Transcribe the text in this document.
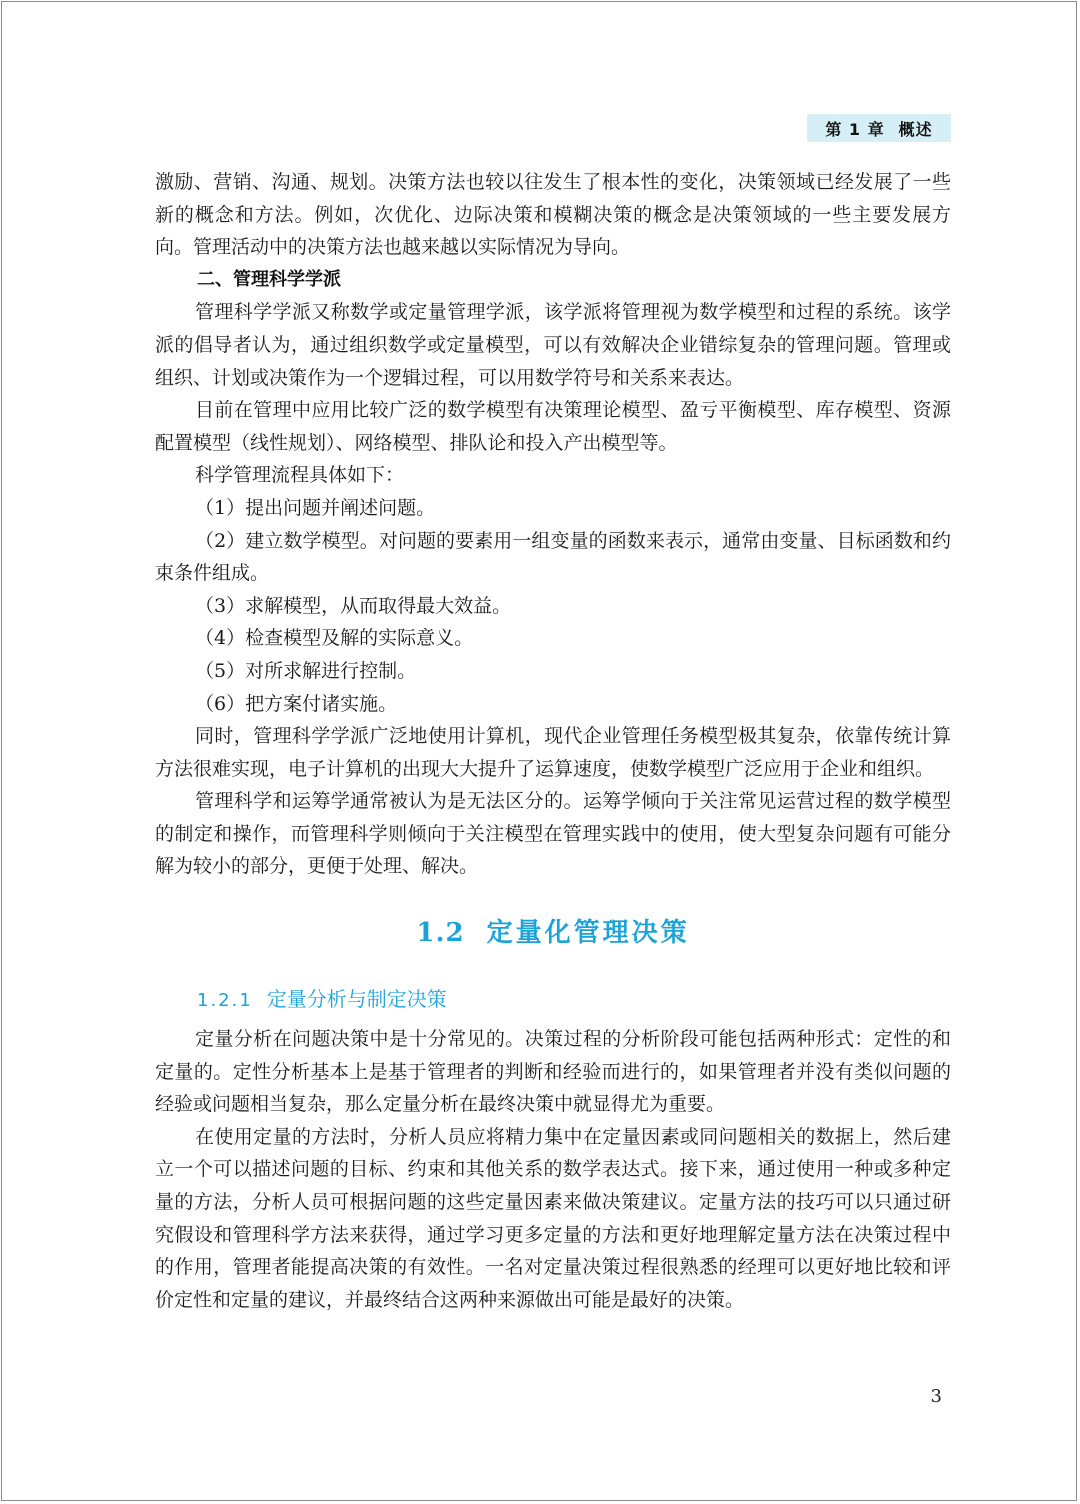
第 1 章 概述

激励、营销、沟通、规划。决策方法也较以往发生了根本性的变化，决策领域已经发展了一些新的概念和方法。例如，次优化、边际决策和模糊决策的概念是决策领域的一些主要发展方向。管理活动中的决策方法也越来越以实际情况为导向。

二、管理科学学派

管理科学学派又称数学或定量管理学派，该学派将管理视为数学模型和过程的系统。该学派的倡导者认为，通过组织数学或定量模型，可以有效解决企业错综复杂的管理问题。管理或组织、计划或决策作为一个逻辑过程，可以用数学符号和关系来表达。

目前在管理中应用比较广泛的数学模型有决策理论模型、盈亏平衡模型、库存模型、资源配置模型（线性规划）、网络模型、排队论和投入产出模型等。

科学管理流程具体如下：

（1）提出问题并阐述问题。

（2）建立数学模型。对问题的要素用一组变量的函数来表示，通常由变量、目标函数和约束条件组成。

（3）求解模型，从而取得最大效益。

（4）检查模型及解的实际意义。

（5）对所求解进行控制。

（6）把方案付诸实施。

同时，管理科学学派广泛地使用计算机，现代企业管理任务模型极其复杂，依靠传统计算方法很难实现，电子计算机的出现大大提升了运算速度，使数学模型广泛应用于企业和组织。

管理科学和运筹学通常被认为是无法区分的。运筹学倾向于关注常见运营过程的数学模型的制定和操作，而管理科学则倾向于关注模型在管理实践中的使用，使大型复杂问题有可能分解为较小的部分，更便于处理、解决。

1.2 定量化管理决策
1.2.1 定量分析与制定决策

定量分析在问题决策中是十分常见的。决策过程的分析阶段可能包括两种形式：定性的和定量的。定性分析基本上是基于管理者的判断和经验而进行的，如果管理者并没有类似问题的经验或问题相当复杂，那么定量分析在最终决策中就显得尤为重要。

在使用定量的方法时，分析人员应将精力集中在定量因素或同问题相关的数据上，然后建立一个可以描述问题的目标、约束和其他关系的数学表达式。接下来，通过使用一种或多种定量的方法，分析人员可根据问题的这些定量因素来做决策建议。定量方法的技巧可以只通过研究假设和管理科学方法来获得，通过学习更多定量的方法和更好地理解定量方法在决策过程中的作用，管理者能提高决策的有效性。一名对定量决策过程很熟悉的经理可以更好地比较和评价定性和定量的建议，并最终结合这两种来源做出可能是最好的决策。

3
